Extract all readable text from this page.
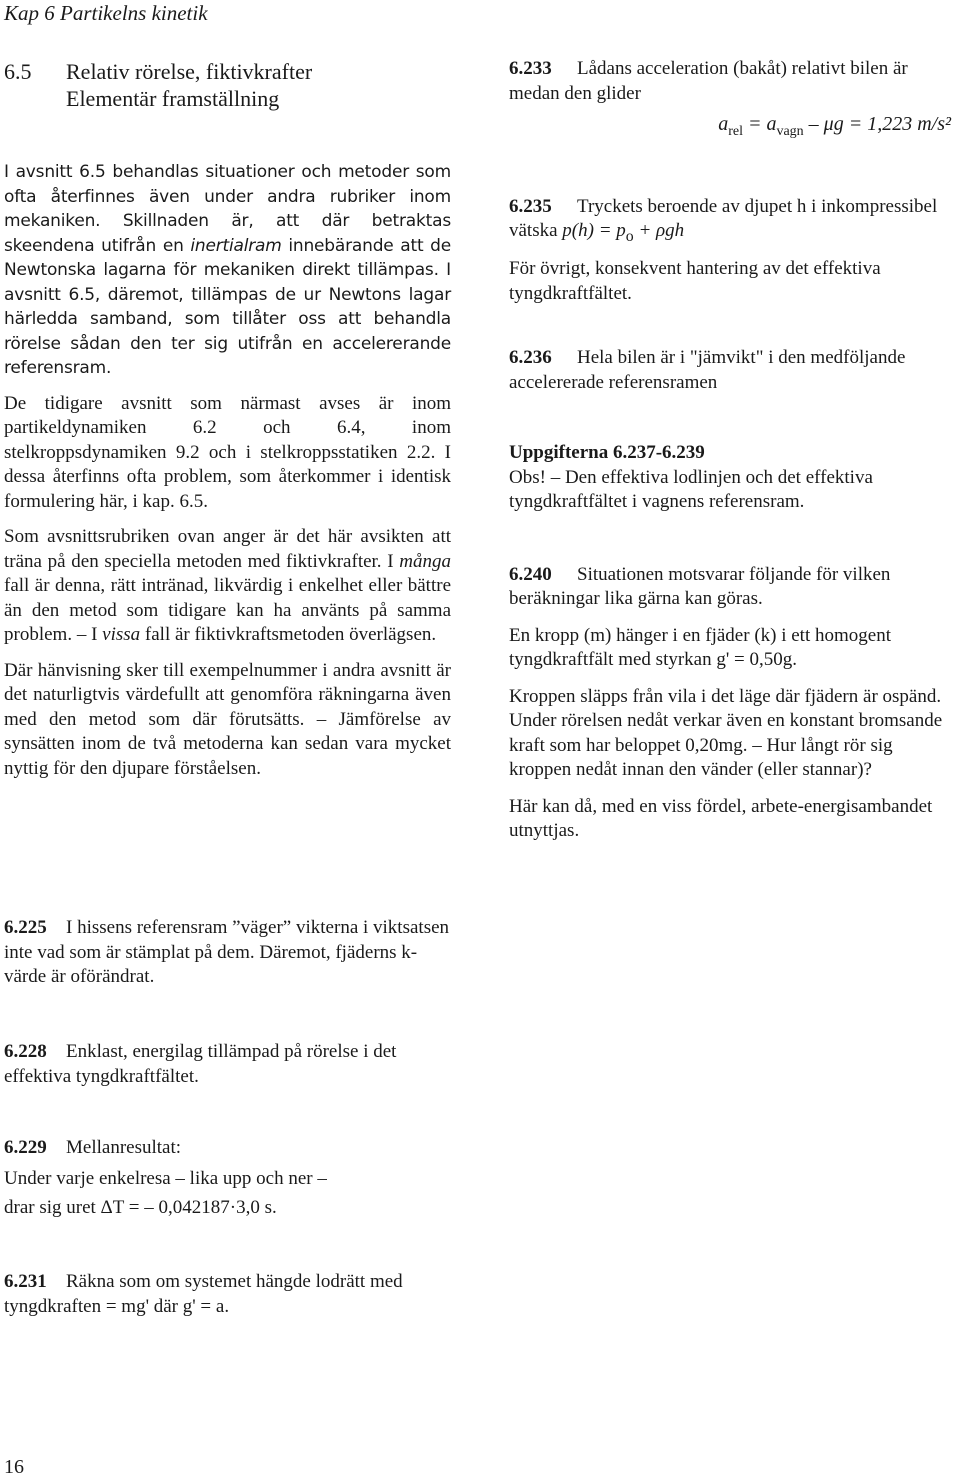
Kap 6 Partikelns kinetik
6.5 Relativ rörelse, fiktivkrafter
Elementär framställning

I avsnitt 6.5 behandlas situationer och metoder som ofta återfinnes även under andra rubriker inom mekaniken. Skillnaden är, att där betraktas skeendena utifrån en inertialram innebärande att de Newtonska lagarna för mekaniken direkt tillämpas. I avsnitt 6.5, däremot, tillämpas de ur Newtons lagar härledda samband, som tillåter oss att behandla rörelse sådan den ter sig utifrån en accelererande referensram.

De tidigare avsnitt som närmast avses är inom partikeldynamiken 6.2 och 6.4, inom stelkroppsdynamiken 9.2 och i stelkroppsstatiken 2.2. I dessa återfinns ofta problem, som återkommer i identisk formulering här, i kap. 6.5.

Som avsnittsrubriken ovan anger är det här avsikten att träna på den speciella metoden med fiktivkrafter. I många fall är denna, rätt intränad, likvärdig i enkelhet eller bättre än den metod som tidigare kan ha använts på samma problem. – I vissa fall är fiktivkraftsmetoden överlägsen.

Där hänvisning sker till exempelnummer i andra avsnitt är det naturligtvis värdefullt att genomföra räkningarna även med den metod som där förutsätts. – Jämförelse av synsätten inom de två metoderna kan sedan vara mycket nyttig för den djupare förståelsen.

6.233 Lådans acceleration (bakåt) relativt bilen är medan den glider
$a_{rel} = a_{vagn} - \mu g = 1,223$ m/s²
6.235 Tryckets beroende av djupet h i inkompressibel vätska $p(h) = p_o + \rho gh$
För övrigt, konsekvent hantering av det effektiva tyngdkraftfältet.
6.236 Hela bilen är i "jämvikt" i den medföljande accelererade referensramen
Uppgifterna 6.237-6.239
Obs! – Den effektiva lodlinjen och det effektiva tyngdkraftfältet i vagnens referensram.
6.240 Situationen motsvarar följande för vilken beräkningar lika gärna kan göras.
En kropp (m) hänger i en fjäder (k) i ett homogent tyngdkraftfält med styrkan g' = 0,50g.
Kroppen släpps från vila i det läge där fjädern är ospänd. Under rörelsen nedåt verkar även en konstant bromsande kraft som har beloppet 0,20mg. – Hur långt rör sig kroppen nedåt innan den vänder (eller stannar)?
Här kan då, med en viss fördel, arbete-energisambandet utnyttjas.
6.225 I hissens referensram ”väger” vikterna i viktsatsen inte vad som är stämplat på dem. Däremot, fjäderns k-värde är oförändrat.
6.228 Enklast, energilag tillämpad på rörelse i det effektiva tyngdkraftfältet.
6.229 Mellanresultat:
Under varje enkelresa – lika upp och ner –
drar sig uret ΔT = – 0,042187·3,0 s.
6.231 Räkna som om systemet hängde lodrätt med tyngdkraften = mg' där g' = a.
16
